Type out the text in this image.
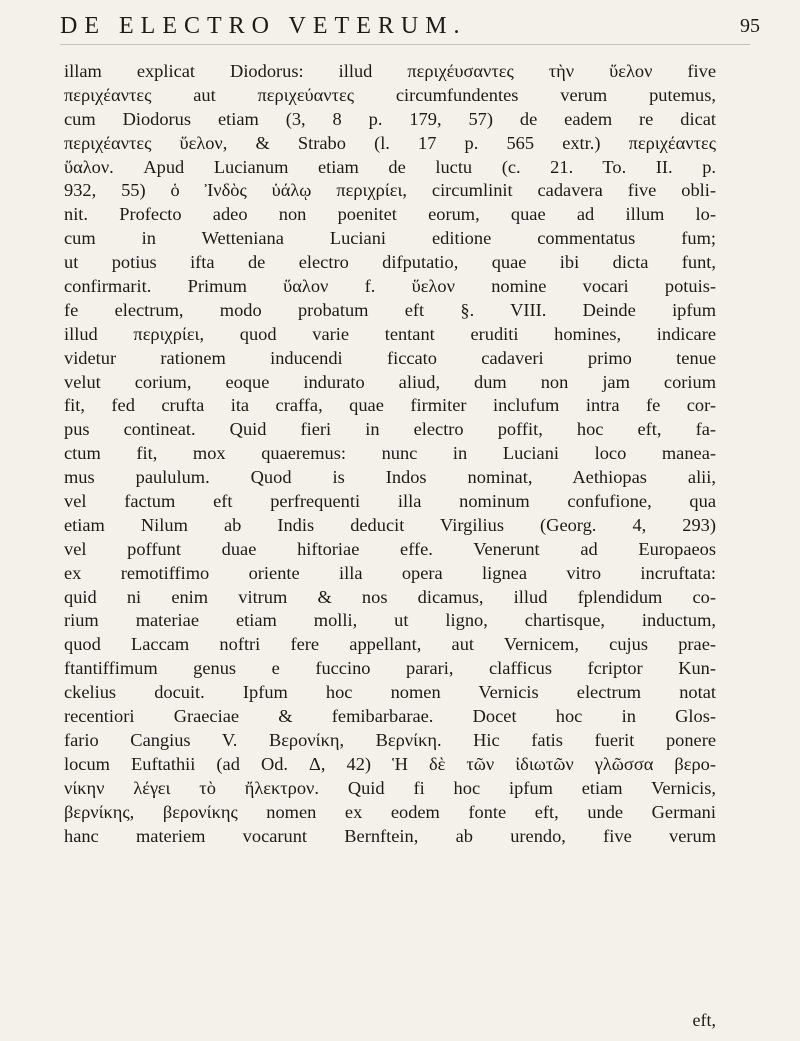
DE ELECTRO VETERUM.	95
illam explicat Diodorus: illud περιχέυσαντες τὴν ὕελον five
περιχέαντες aut περιχεύαντες circumfundentes verum putemus,
cum Diodorus etiam (3, 8 p. 179, 57) de eadem re dicat
περιχέαντες ὕελον, & Strabo (l. 17 p. 565 extr.) περιχέαντες
ὕαλον. Apud Lucianum etiam de luctu (c. 21. To. II. p.
932, 55) ὁ Ἰνδὸς ὑάλῳ περιχρίει, circumlinit cadavera five obli-
nit. Profecto adeo non poenitet eorum, quae ad illum lo-
cum in Wetteniana Luciani editione commentatus fum;
ut potius ifta de electro difputatio, quae ibi dicta funt,
confirmarit. Primum ὕαλον f. ὕελον nomine vocari potuis-
fe electrum, modo probatum eft §. VIII. Deinde ipfum
illud περιχρίει, quod varie tentant eruditi homines, indicare
videtur rationem inducendi ficcato cadaveri primo tenue
velut corium, eoque indurato aliud, dum non jam corium
fit, fed crufta ita craffa, quae firmiter inclufum intra fe cor-
pus contineat. Quid fieri in electro poffit, hoc eft, fa-
ctum fit, mox quaeremus: nunc in Luciani loco manea-
mus paululum. Quod is Indos nominat, Aethiopas alii,
vel factum eft perfrequenti illa nominum confufione, qua
etiam Nilum ab Indis deducit Virgilius (Georg. 4, 293)
vel poffunt duae hiftoriae effe. Venerunt ad Europaeos
ex remotiffimo oriente illa opera lignea vitro incruftata:
quid ni enim vitrum & nos dicamus, illud fplendidum co-
rium materiae etiam molli, ut ligno, chartisque, inductum,
quod Laccam noftri fere appellant, aut Vernicem, cujus prae-
ftantiffimum genus e fuccino parari, clafficus fcriptor Kun-
ckelius docuit. Ipfum hoc nomen Vernicis electrum notat
recentiori Graeciae & femibarbarae. Docet hoc in Glos-
fario Cangius V. Βερονίκη, Βερνίκη. Hic fatis fuerit ponere
locum Euftathii (ad Od. Δ, 42) Ἡ δὲ τῶν ἰδιωτῶν γλῶσσα βερο-
νίκην λέγει τὸ ἤλεκτρον. Quid fi hoc ipfum etiam Vernicis,
βερνίκης, βερονίκης nomen ex eodem fonte eft, unde Germani
hanc materiem vocarunt Bernftein, ab urendo, five verum
eft,
